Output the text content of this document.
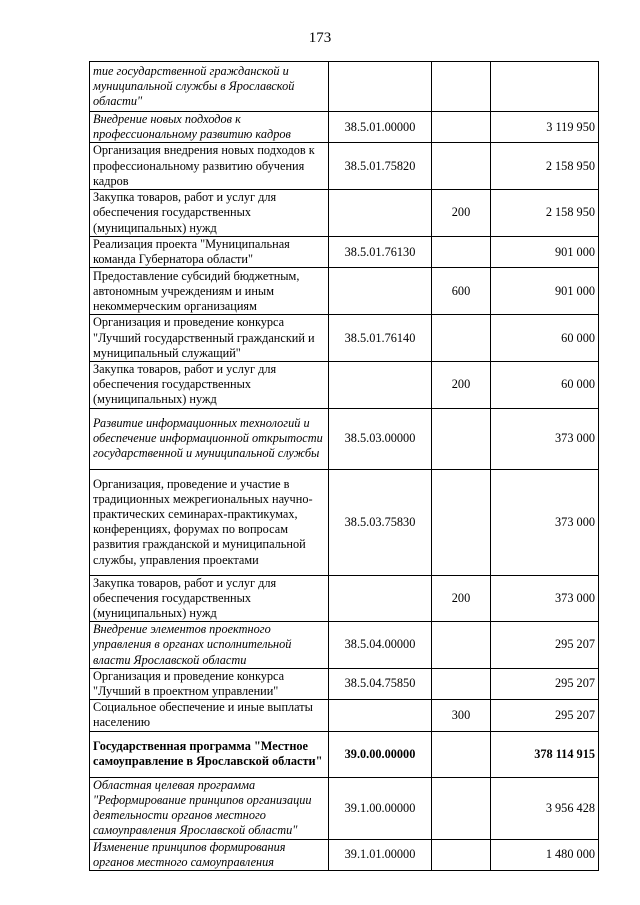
173
тие государственной гражданской и муниципальной службы в Ярославской области"			
Внедрение новых подходов к профессиональному развитию кадров	38.5.01.00000		3 119 950
Организация внедрения новых подходов к профессиональному развитию обучения кадров	38.5.01.75820		2 158 950
Закупка товаров, работ и услуг для обеспечения государственных (муниципальных) нужд		200	2 158 950
Реализация проекта "Муниципальная команда Губернатора области"	38.5.01.76130		901 000
Предоставление субсидий бюджетным, автономным учреждениям и иным некоммерческим организациям		600	901 000
Организация и проведение конкурса "Лучший государственный гражданский и муниципальный служащий"	38.5.01.76140		60 000
Закупка товаров, работ и услуг для обеспечения государственных (муниципальных) нужд		200	60 000
Развитие информационных технологий и обеспечение информационной открытости государственной и муниципальной службы	38.5.03.00000		373 000
Организация, проведение и участие в традиционных межрегиональных научно-практических семинарах-практикумах, конференциях, форумах по вопросам развития гражданской и муниципальной службы, управления проектами	38.5.03.75830		373 000
Закупка товаров, работ и услуг для обеспечения государственных (муниципальных) нужд		200	373 000
Внедрение элементов проектного управления в органах исполнительной власти Ярославской области	38.5.04.00000		295 207
Организация и проведение конкурса "Лучший в проектном управлении"	38.5.04.75850		295 207
Социальное обеспечение и иные выплаты населению		300	295 207
Государственная программа "Местное самоуправление в Ярославской области"	39.0.00.00000		378 114 915
Областная целевая программа "Реформирование принципов организации деятельности органов местного самоуправления Ярославской области"	39.1.00.00000		3 956 428
Изменение принципов формирования органов местного самоуправления	39.1.01.00000		1 480 000
